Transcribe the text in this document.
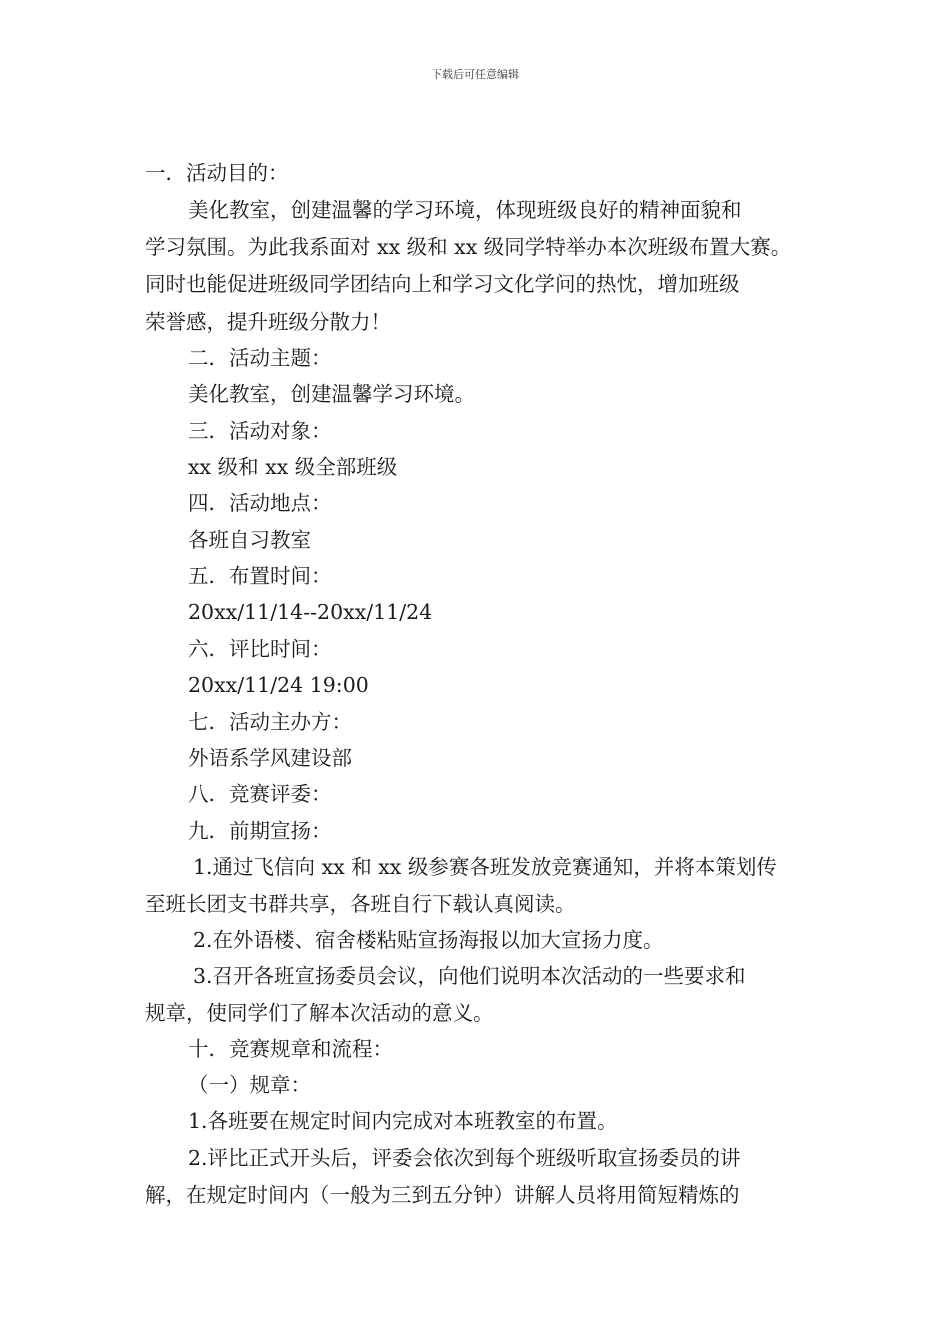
下载后可任意编辑
一．活动目的：
美化教室，创建温馨的学习环境，体现班级良好的精神面貌和
学习氛围。为此我系面对 xx 级和 xx 级同学特举办本次班级布置大赛。
同时也能促进班级同学团结向上和学习文化学问的热忱，增加班级
荣誉感，提升班级分散力！
二．活动主题：
美化教室，创建温馨学习环境。
三．活动对象：
xx 级和 xx 级全部班级
四．活动地点：
各班自习教室
五．布置时间：
20xx/11/14--20xx/11/24
六．评比时间：
20xx/11/24 19:00
七．活动主办方：
外语系学风建设部
八．竞赛评委：
九．前期宣扬：
1.通过飞信向 xx 和 xx 级参赛各班发放竞赛通知，并将本策划传
至班长团支书群共享，各班自行下载认真阅读。
2.在外语楼、宿舍楼粘贴宣扬海报以加大宣扬力度。
3.召开各班宣扬委员会议，向他们说明本次活动的一些要求和
规章，使同学们了解本次活动的意义。
十．竞赛规章和流程：
（一）规章：
1.各班要在规定时间内完成对本班教室的布置。
2.评比正式开头后，评委会依次到每个班级听取宣扬委员的讲
解，在规定时间内（一般为三到五分钟）讲解人员将用简短精炼的
